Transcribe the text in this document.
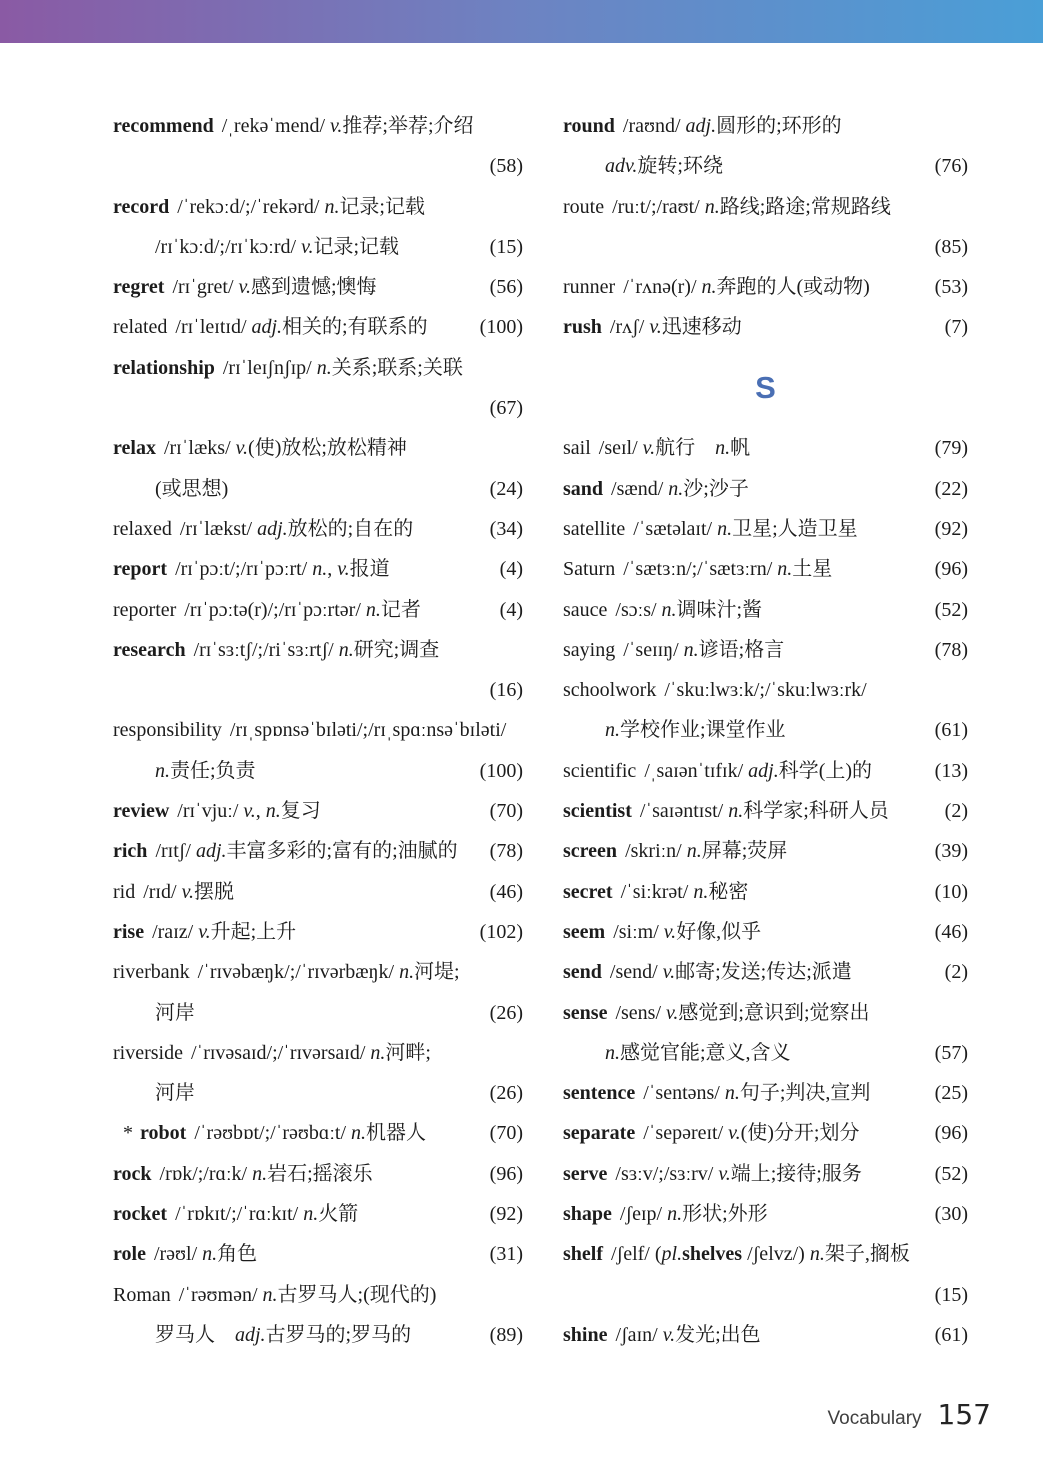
recommend /ˌrekəˈmend/ v.推荐;举荐;介绍
(58)
record /ˈrekɔːd/;/ˈrekərd/ n.记录;记载
/rɪˈkɔːd/;/rɪˈkɔːrd/ v.记录;记载	(15)
regret /rɪˈgret/ v.感到遗憾;懊悔	(56)
related /rɪˈleɪtɪd/ adj.相关的;有联系的	(100)
relationship /rɪˈleɪʃnʃɪp/ n.关系;联系;关联
(67)
relax /rɪˈlæks/ v.(使)放松;放松精神
(或思想)	(24)
relaxed /rɪˈlækst/ adj.放松的;自在的	(34)
report /rɪˈpɔːt/;/rɪˈpɔːrt/ n., v.报道	(4)
reporter /rɪˈpɔːtə(r)/;/rɪˈpɔːrtər/ n.记者	(4)
research /rɪˈsɜːtʃ/;/riˈsɜːrtʃ/ n.研究;调查
(16)
responsibility /rɪˌspɒnsəˈbɪləti/;/rɪˌspɑːnsəˈbɪləti/
n.责任;负责	(100)
review /rɪˈvjuː/ v., n.复习	(70)
rich /rɪtʃ/ adj.丰富多彩的;富有的;油腻的 (78)
rid /rɪd/ v.摆脱	(46)
rise /raɪz/ v.升起;上升	(102)
riverbank /ˈrɪvəbæŋk/;/ˈrɪvərbæŋk/ n.河堤;
河岸	(26)
riverside /ˈrɪvəsaɪd/;/ˈrɪvərsaɪd/ n.河畔;
河岸	(26)
* robot /ˈrəʊbɒt/;/ˈrəʊbɑːt/ n.机器人	(70)
rock /rɒk/;/rɑːk/ n.岩石;摇滚乐	(96)
rocket /ˈrɒkɪt/;/ˈrɑːkɪt/ n.火箭	(92)
role /rəʊl/ n.角色	(31)
Roman /ˈrəʊmən/ n.古罗马人;(现代的)
罗马人　adj.古罗马的;罗马的	(89)
round /raʊnd/ adj.圆形的;环形的
adv.旋转;环绕	(76)
route /ruːt/;/raʊt/ n.路线;路途;常规路线
(85)
runner /ˈrʌnə(r)/ n.奔跑的人(或动物)	(53)
rush /rʌʃ/ v.迅速移动	(7)
S
sail /seɪl/ v.航行　n.帆	(79)
sand /sænd/ n.沙;沙子	(22)
satellite /ˈsætəlaɪt/ n.卫星;人造卫星	(92)
Saturn /ˈsætɜːn/;/ˈsætɜːrn/ n.土星	(96)
sauce /sɔːs/ n.调味汁;酱	(52)
saying /ˈseɪɪŋ/ n.谚语;格言	(78)
schoolwork /ˈskuːlwɜːk/;/ˈskuːlwɜːrk/
n.学校作业;课堂作业	(61)
scientific /ˌsaɪənˈtɪfɪk/ adj.科学(上)的	(13)
scientist /ˈsaɪəntɪst/ n.科学家;科研人员	(2)
screen /skriːn/ n.屏幕;荧屏	(39)
secret /ˈsiːkrət/ n.秘密	(10)
seem /siːm/ v.好像,似乎	(46)
send /send/ v.邮寄;发送;传达;派遣	(2)
sense /sens/ v.感觉到;意识到;觉察出
n.感觉官能;意义,含义	(57)
sentence /ˈsentəns/ n.句子;判决,宣判	(25)
separate /ˈsepəreɪt/ v.(使)分开;划分	(96)
serve /sɜːv/;/sɜːrv/ v.端上;接待;服务	(52)
shape /ʃeɪp/ n.形状;外形	(30)
shelf /ʃelf/ (pl.shelves /ʃelvz/) n.架子,搁板
(15)
shine /ʃaɪn/ v.发光;出色	(61)
Vocabulary 157
